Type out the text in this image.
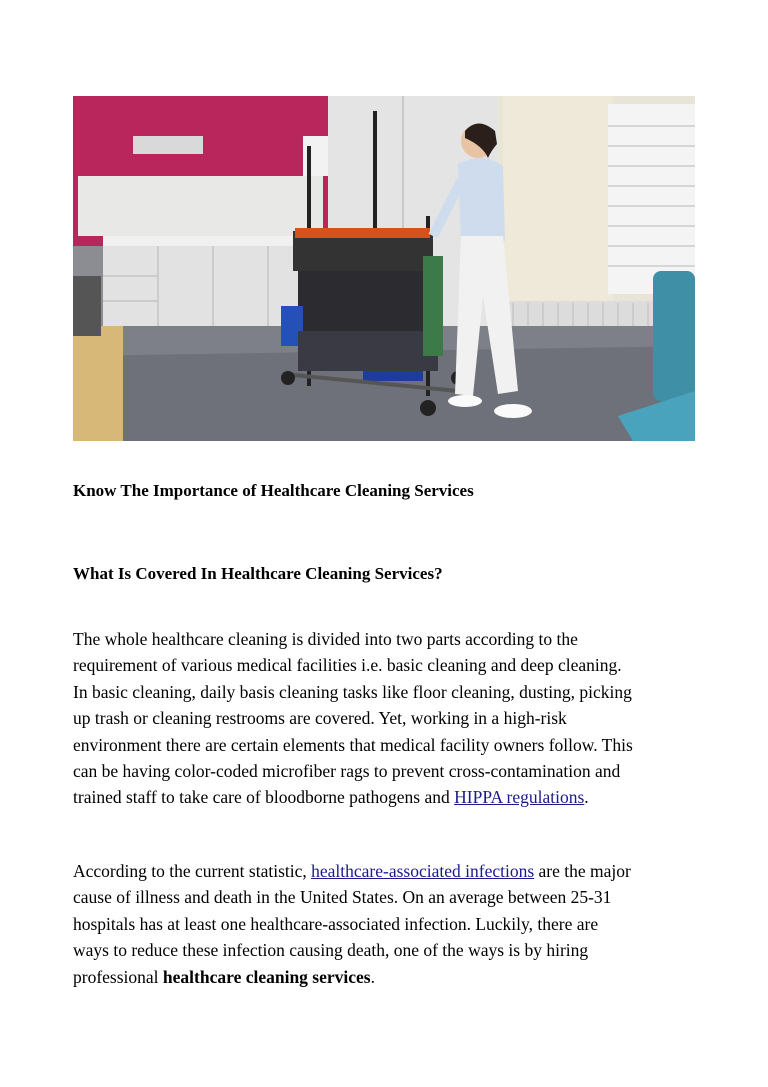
Know The Importance of Healthcare Cleaning Services
What Is Covered In Healthcare Cleaning Services?

The whole healthcare cleaning is divided into two parts according to the
requirement of various medical facilities i.e. basic cleaning and deep cleaning.
In basic cleaning, daily basis cleaning tasks like floor cleaning, dusting, picking
up trash or cleaning restrooms are covered. Yet, working in a high-risk
environment there are certain elements that medical facility owners follow. This
can be having color-coded microfiber rags to prevent cross-contamination and
trained staff to take care of bloodborne pathogens and HIPPA regulations.

According to the current statistic, healthcare-associated infections are the major
cause of illness and death in the United States. On an average between 25-31
hospitals has at least one healthcare-associated infection. Luckily, there are
ways to reduce these infection causing death, one of the ways is by hiring
professional healthcare cleaning services.
